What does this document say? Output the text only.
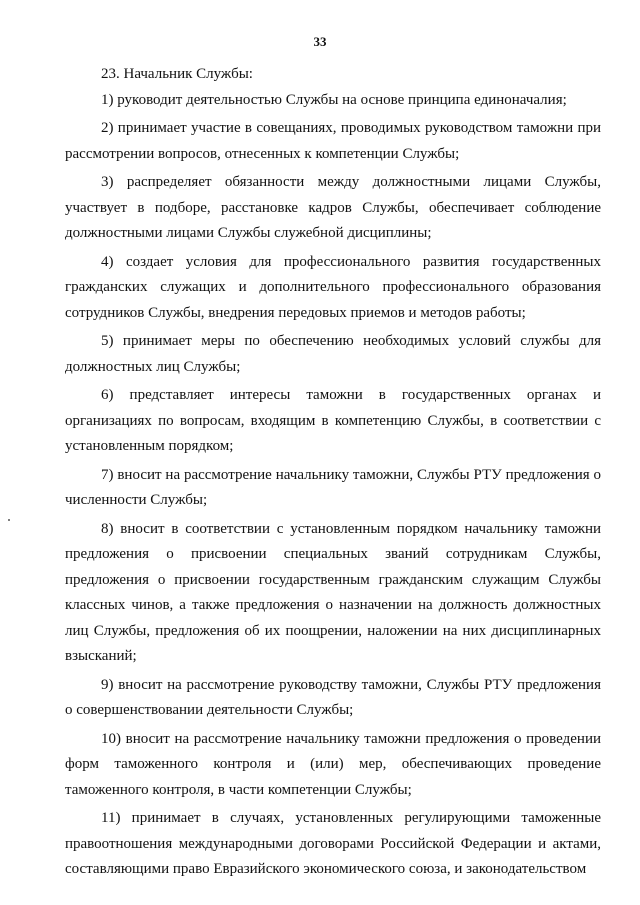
33

23. Начальник Службы:

1) руководит деятельностью Службы на основе принципа единоначалия;

2) принимает участие в совещаниях, проводимых руководством таможни при рассмотрении вопросов, отнесенных к компетенции Службы;

3) распределяет обязанности между должностными лицами Службы, участвует в подборе, расстановке кадров Службы, обеспечивает соблюдение должностными лицами Службы служебной дисциплины;

4) создает условия для профессионального развития государственных гражданских служащих и дополнительного профессионального образования сотрудников Службы, внедрения передовых приемов и методов работы;

5) принимает меры по обеспечению необходимых условий службы для должностных лиц Службы;

6) представляет интересы таможни в государственных органах и организациях по вопросам, входящим в компетенцию Службы, в соответствии с установленным порядком;

7) вносит на рассмотрение начальнику таможни, Службы РТУ предложения о численности Службы;

8) вносит в соответствии с установленным порядком начальнику таможни предложения о присвоении специальных званий сотрудникам Службы, предложения о присвоении государственным гражданским служащим Службы классных чинов, а также предложения о назначении на должность должностных лиц Службы, предложения об их поощрении, наложении на них дисциплинарных взысканий;

9) вносит на рассмотрение руководству таможни, Службы РТУ предложения о совершенствовании деятельности Службы;

10) вносит на рассмотрение начальнику таможни предложения о проведении форм таможенного контроля и (или) мер, обеспечивающих проведение таможенного контроля, в части компетенции Службы;

11) принимает в случаях, установленных регулирующими таможенные правоотношения международными договорами Российской Федерации и актами, составляющими право Евразийского экономического союза, и законодательством
